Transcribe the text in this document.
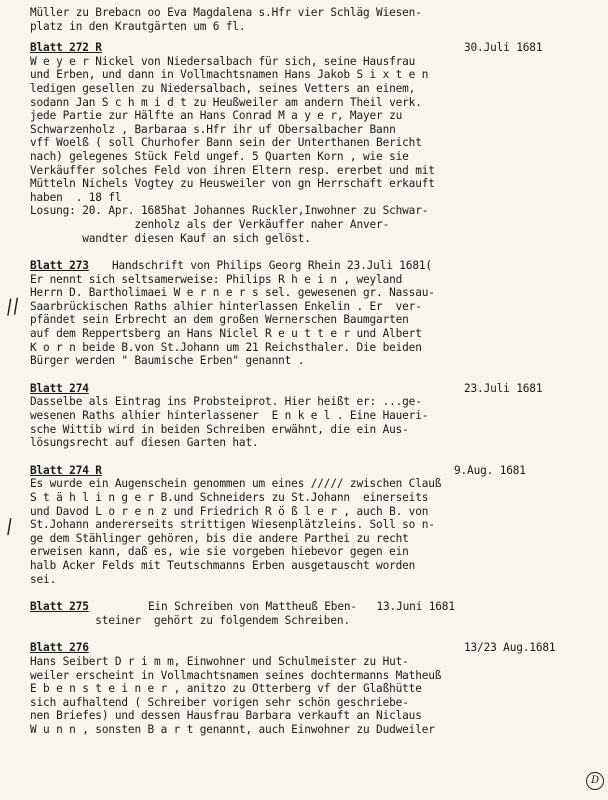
Müller zu Brebacn oo Eva Magdalena s.Hfr vier Schläg Wiesen-
platz in den Krautgärten um 6 fl.
Blatt 272 R	30.Juli 1681
W e y e r Nickel von Niedersalbach für sich, seine Hausfrau
und Erben, und dann in Vollmachtsnamen Hans Jakob S i x t e n
ledigen gesellen zu Niedersalbach, seines Vetters an einem,
sodann Jan S c h m i d t zu Heußweiler am andern Theil verk.
jede Partie zur Hälfte an Hans Conrad M a y e r, Mayer zu
Schwarzenholz , Barbaraa s.Hfr ihr uf Obersalbacher Bann
vff Woelß ( soll Churhofer Bann sein der Unterthanen Bericht
nach) gelegenes Stück Feld ungef. 5 Quarten Korn , wie sie
Verkäuffer solches Feld von ihren Eltern resp. ererbet und mit
Mütteln Nichels Vogtey zu Heusweiler von gn Herrschaft erkauft
haben  . 18 fl
Losung: 20. Apr. 1685hat Johannes Ruckler,Inwohner zu Schwar-
zenholz als der Verkäuffer naher Anver-
wandter diesen Kauf an sich gelöst.
Blatt 273 Handschrift von Philips Georg Rhein 23.Juli 1681(
Er nennt sich seltsamerweise: Philips R h e i n , weyland
Herrn D. Bartholimaei W e r n e r s sel. gewesenen gr. Nassau-
Saarbrückischen Raths alhier hinterlassen Enkelin . Er  ver-
pfändet sein Erbrecht an dem großen Wernerschen Baumgarten
auf dem Reppertsberg an Hans Niclel R e u t t e r und Albert
K o r n beide B.von St.Johann um 21 Reichsthaler. Die beiden
Bürger werden " Baumische Erben" genannt .
Blatt 274	23.Juli 1681
Dasselbe als Eintrag ins Probsteiprot. Hier heißt er: ...ge-
wesenen Raths alhier hinterlassener  E n k e l . Eine Haueri-
sche Wittib wird in beiden Schreiben erwähnt, die ein Aus-
lösungsrecht auf diesen Garten hat.
Blatt 274 R	9.Aug. 1681
Es wurde ein Augenschein genommen um eines ///// zwischen Clauß
S t ä h l i n g e r B.und Schneiders zu St.Johann  einerseits
und Davod L o r e n z und Friedrich R ö ß l e r , auch B. von
St.Johann andererseits strittigen Wiesenplätzleins. Soll so n-
ge dem Stählinger gehören, bis die andere Parthei zu recht
erweisen kann, daß es, wie sie vorgeben hiebevor gegen ein
halb Acker Felds mit Teutschmanns Erben ausgetauscht worden
sei.
Blatt 275	Ein Schreiben von Mattheuß Eben-   13.Juni 1681
steiner  gehört zu folgendem Schreiben.
Blatt 276	13/23 Aug.1681
Hans Seibert D r i m m, Einwohner und Schulmeister zu Hut-
weiler erscheint in Vollmachtsnamen seines dochtermanns Matheuß
E b e n s t e i n e r , anitzo zu Otterberg vf der Glaßhütte
sich aufhaltend ( Schreiber vorigen sehr schön geschriebe-
nen Briefes) und dessen Hausfrau Barbara verkauft an Niclaus
W u n n , sonsten B a r t genannt, auch Einwohner zu Dudweiler
//
/
D
